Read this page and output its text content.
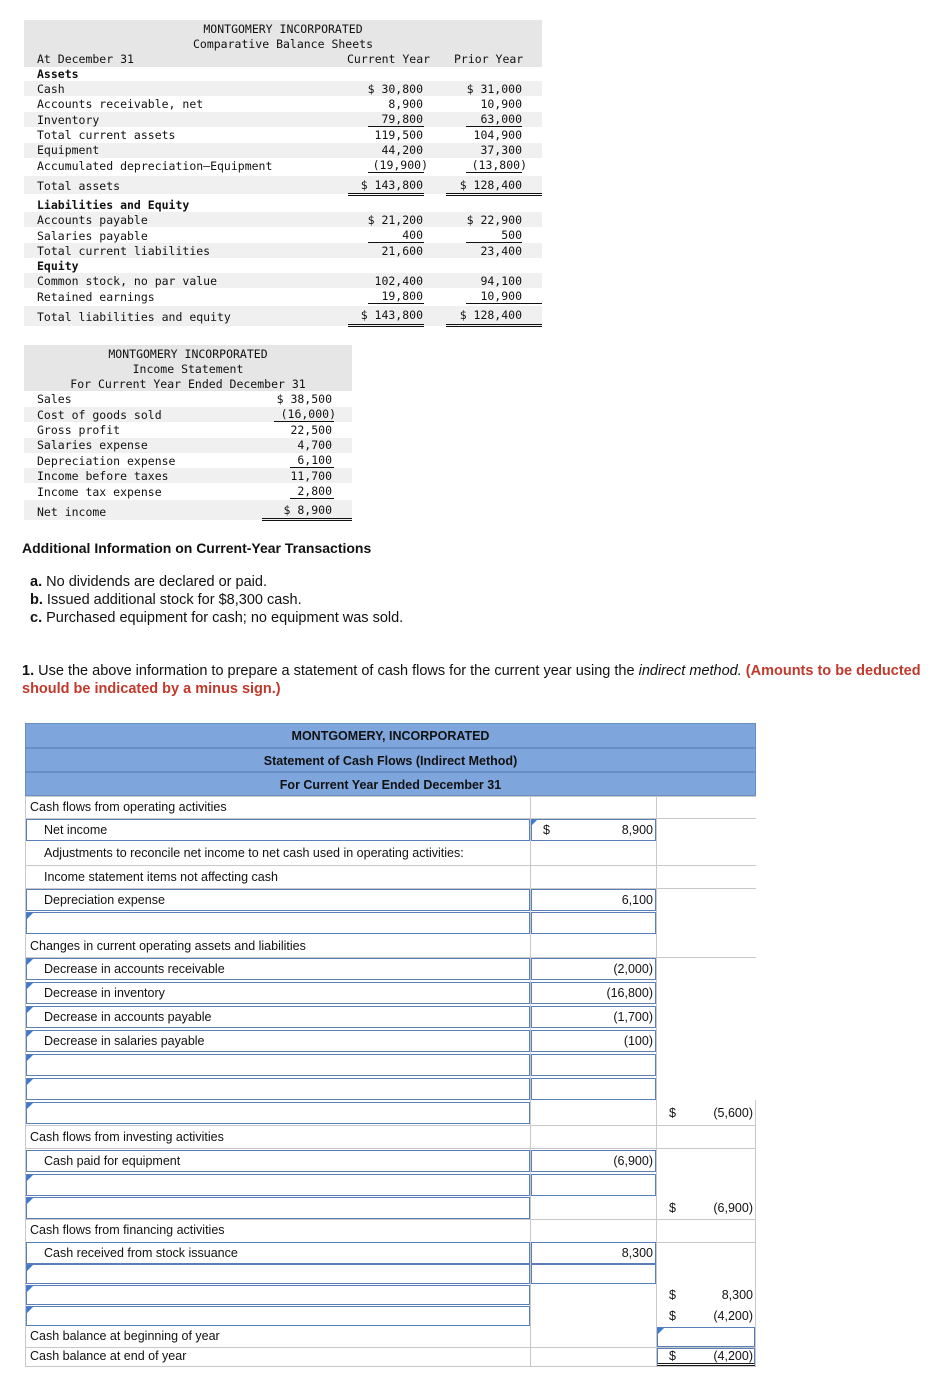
MONTGOMERY INCORPORATED
Comparative Balance Sheets
At December 31	Current Year Prior Year
Assets
Cash	$ 30,800	$ 31,000
Accounts receivable, net	8,900	10,900
Inventory	79,800	63,000
Total current assets	119,500	104,900
Equipment	44,200	37,300
Accumulated depreciation—Equipment	(19,900)	(13,800)
Total assets	$ 143,800	$ 128,400
Liabilities and Equity
Accounts payable	$ 21,200	$ 22,900
Salaries payable	400	500
Total current liabilities	21,600	23,400
Equity
Common stock, no par value	102,400	94,100
Retained earnings	19,800	10,900
Total liabilities and equity	$ 143,800	$ 128,400
MONTGOMERY INCORPORATED
Income Statement
For Current Year Ended December 31
Sales	$ 38,500
Cost of goods sold	(16,000)
Gross profit	22,500
Salaries expense	4,700
Depreciation expense	6,100
Income before taxes	11,700
Income tax expense	2,800
Net income	$ 8,900
Additional Information on Current-Year Transactions
a. No dividends are declared or paid.
b. Issued additional stock for $8,300 cash.
c. Purchased equipment for cash; no equipment was sold.
1. Use the above information to prepare a statement of cash flows for the current year using the indirect method. (Amounts to be deducted should be indicated by a minus sign.)
MONTGOMERY, INCORPORATED
Statement of Cash Flows (Indirect Method)
For Current Year Ended December 31
Cash flows from operating activities
Net income	$	8,900
Adjustments to reconcile net income to net cash used in operating activities:
Income statement items not affecting cash
Depreciation expense	6,100
Changes in current operating assets and liabilities
Decrease in accounts receivable	(2,000)
Decrease in inventory	(16,800)
Decrease in accounts payable	(1,700)
Decrease in salaries payable	(100)
$	(5,600)
Cash flows from investing activities
Cash paid for equipment	(6,900)
$	(6,900)
Cash flows from financing activities
Cash received from stock issuance	8,300
$	8,300
$	(4,200)
Cash balance at beginning of year
Cash balance at end of year	$	(4,200)
